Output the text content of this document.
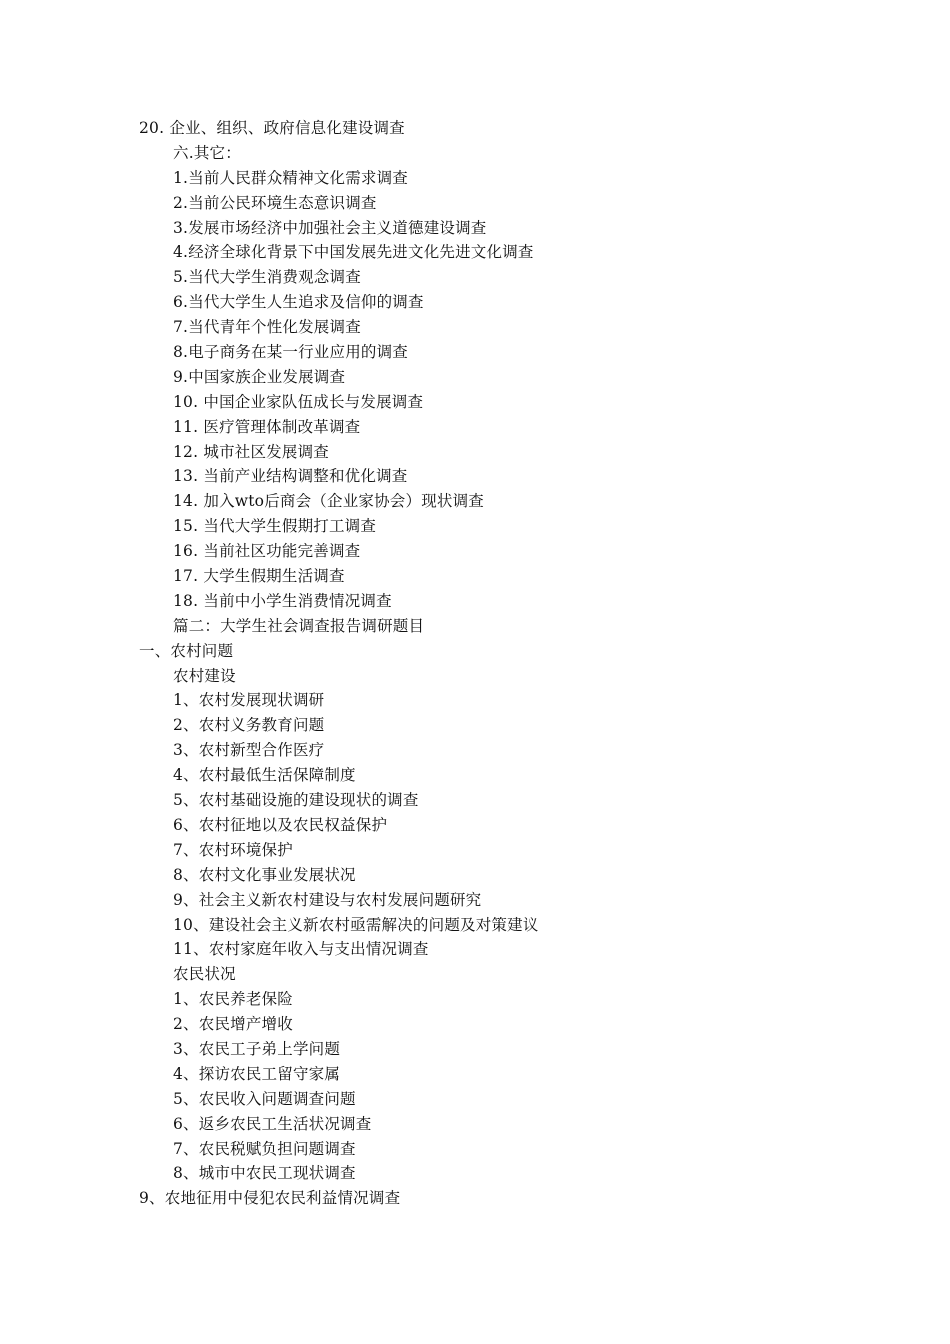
20. 企业、组织、政府信息化建设调查
六.其它：
1.当前人民群众精神文化需求调查
2.当前公民环境生态意识调查
3.发展市场经济中加强社会主义道德建设调查
4.经济全球化背景下中国发展先进文化先进文化调查
5.当代大学生消费观念调查
6.当代大学生人生追求及信仰的调查
7.当代青年个性化发展调查
8.电子商务在某一行业应用的调查
9.中国家族企业发展调查
10. 中国企业家队伍成长与发展调查
11. 医疗管理体制改革调查
12. 城市社区发展调查
13. 当前产业结构调整和优化调查
14. 加入wto后商会（企业家协会）现状调查
15. 当代大学生假期打工调查
16. 当前社区功能完善调查
17. 大学生假期生活调查
18. 当前中小学生消费情况调查
篇二：大学生社会调查报告调研题目
一、农村问题
农村建设
1、农村发展现状调研
2、农村义务教育问题
3、农村新型合作医疗
4、农村最低生活保障制度
5、农村基础设施的建设现状的调查
6、农村征地以及农民权益保护
7、农村环境保护
8、农村文化事业发展状况
9、社会主义新农村建设与农村发展问题研究
10、建设社会主义新农村亟需解决的问题及对策建议
11、农村家庭年收入与支出情况调查
农民状况
1、农民养老保险
2、农民增产增收
3、农民工子弟上学问题
4、探访农民工留守家属
5、农民收入问题调查问题
6、返乡农民工生活状况调查
7、农民税赋负担问题调查
8、城市中农民工现状调查
9、农地征用中侵犯农民利益情况调查
